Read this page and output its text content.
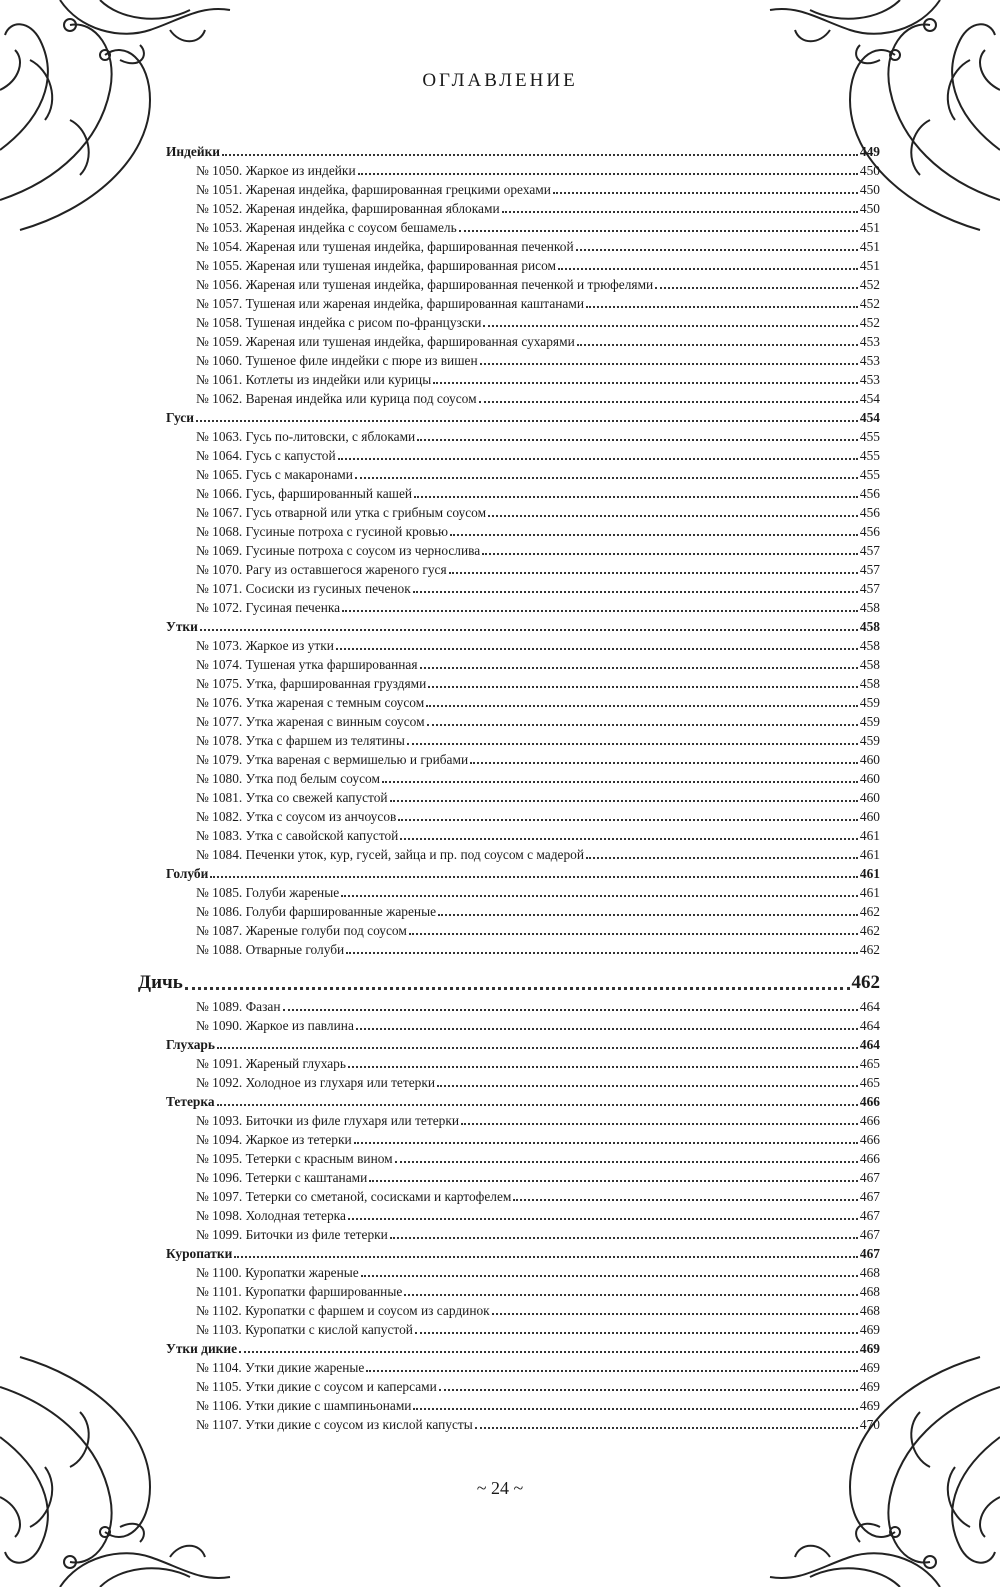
ОГЛАВЛЕНИЕ
Индейки	449
№ 1050. Жаркое из индейки	450
№ 1051. Жареная индейка, фаршированная грецкими орехами	450
№ 1052. Жареная индейка, фаршированная яблоками	450
№ 1053. Жареная индейка с соусом бешамель	451
№ 1054. Жареная или тушеная индейка, фаршированная печенкой	451
№ 1055. Жареная или тушеная индейка, фаршированная рисом	451
№ 1056. Жареная или тушеная индейка, фаршированная печенкой и трюфелями	452
№ 1057. Тушеная или жареная индейка, фаршированная каштанами	452
№ 1058. Тушеная индейка с рисом по-французски	452
№ 1059. Жареная или тушеная индейка, фаршированная сухарями	453
№ 1060. Тушеное филе индейки с пюре из вишен	453
№ 1061. Котлеты из индейки или курицы	453
№ 1062. Вареная индейка или курица под соусом	454
Гуси	454
№ 1063. Гусь по-литовски, с яблоками	455
№ 1064. Гусь с капустой	455
№ 1065. Гусь с макаронами	455
№ 1066. Гусь, фаршированный кашей	456
№ 1067. Гусь отварной или утка с грибным соусом	456
№ 1068. Гусиные потроха с гусиной кровью	456
№ 1069. Гусиные потроха с соусом из чернослива	457
№ 1070. Рагу из оставшегося жареного гуся	457
№ 1071. Сосиски из гусиных печенок	457
№ 1072. Гусиная печенка	458
Утки	458
№ 1073. Жаркое из утки	458
№ 1074. Тушеная утка фаршированная	458
№ 1075. Утка, фаршированная груздями	458
№ 1076. Утка жареная с темным соусом	459
№ 1077. Утка жареная с винным соусом	459
№ 1078. Утка с фаршем из телятины	459
№ 1079. Утка вареная с вермишелью и грибами	460
№ 1080. Утка под белым соусом	460
№ 1081. Утка со свежей капустой	460
№ 1082. Утка с соусом из анчоусов	460
№ 1083. Утка с савойской капустой	461
№ 1084. Печенки уток, кур, гусей, зайца и пр. под соусом с мадерой	461
Голуби	461
№ 1085. Голуби жареные	461
№ 1086. Голуби фаршированные жареные	462
№ 1087. Жареные голуби под соусом	462
№ 1088. Отварные голуби	462
Дичь	462
№ 1089. Фазан	464
№ 1090. Жаркое из павлина	464
Глухарь	464
№ 1091. Жареный глухарь	465
№ 1092. Холодное из глухаря или тетерки	465
Тетерка	466
№ 1093. Биточки из филе глухаря или тетерки	466
№ 1094. Жаркое из тетерки	466
№ 1095. Тетерки с красным вином	466
№ 1096. Тетерки с каштанами	467
№ 1097. Тетерки со сметаной, сосисками и картофелем	467
№ 1098. Холодная тетерка	467
№ 1099. Биточки из филе тетерки	467
Куропатки	467
№ 1100. Куропатки жареные	468
№ 1101. Куропатки фаршированные	468
№ 1102. Куропатки с фаршем и соусом из сардинок	468
№ 1103. Куропатки с кислой капустой	469
Утки дикие	469
№ 1104. Утки дикие жареные	469
№ 1105. Утки дикие с соусом и каперсами	469
№ 1106. Утки дикие с шампиньонами	469
№ 1107. Утки дикие с соусом из кислой капусты	470
~ 24 ~
